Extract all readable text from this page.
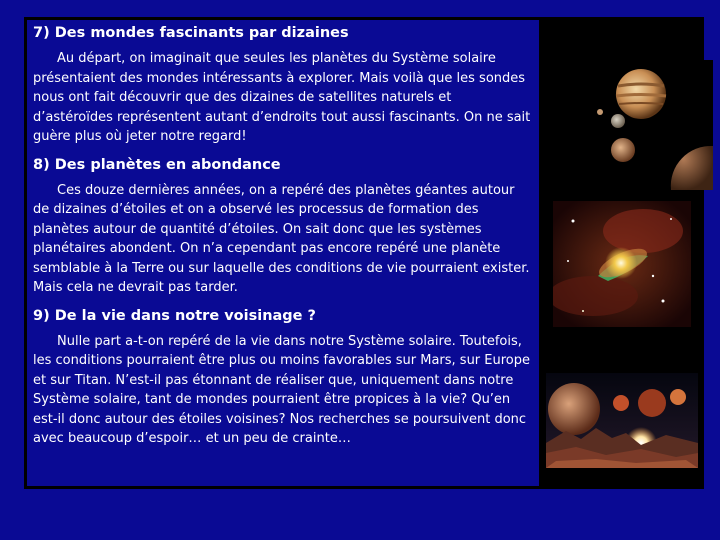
7) Des mondes fascinants par dizaines

Au départ, on imaginait que seules les planètes du Système solaire présentaient des mondes intéressants à explorer. Mais voilà que les sondes nous ont fait découvrir que des dizaines de satellites naturels et d’astéroïdes représentent autant d’endroits tout aussi fascinants. On ne sait guère plus où jeter notre regard!

8) Des planètes en abondance

Ces douze dernières années, on a repéré des planètes géantes autour de dizaines d’étoiles et on a observé les processus de formation des planètes autour de quantité d’étoiles. On sait donc que les systèmes planétaires abondent. On n’a cependant pas encore repéré une planète semblable à la Terre ou sur laquelle des conditions de vie pourraient exister. Mais cela ne devrait pas tarder.

9) De la vie dans notre voisinage ?

Nulle part a-t-on repéré de la vie dans notre Système solaire. Toutefois, les conditions pourraient être plus ou moins favorables sur Mars, sur Europe et sur Titan. N’est-il pas étonnant de réaliser que, uniquement dans notre Système solaire, tant de mondes pourraient être propices à la vie? Qu’en est-il donc autour des étoiles voisines? Nos recherches se poursuivent donc avec beaucoup d’espoir… et un peu de crainte…
